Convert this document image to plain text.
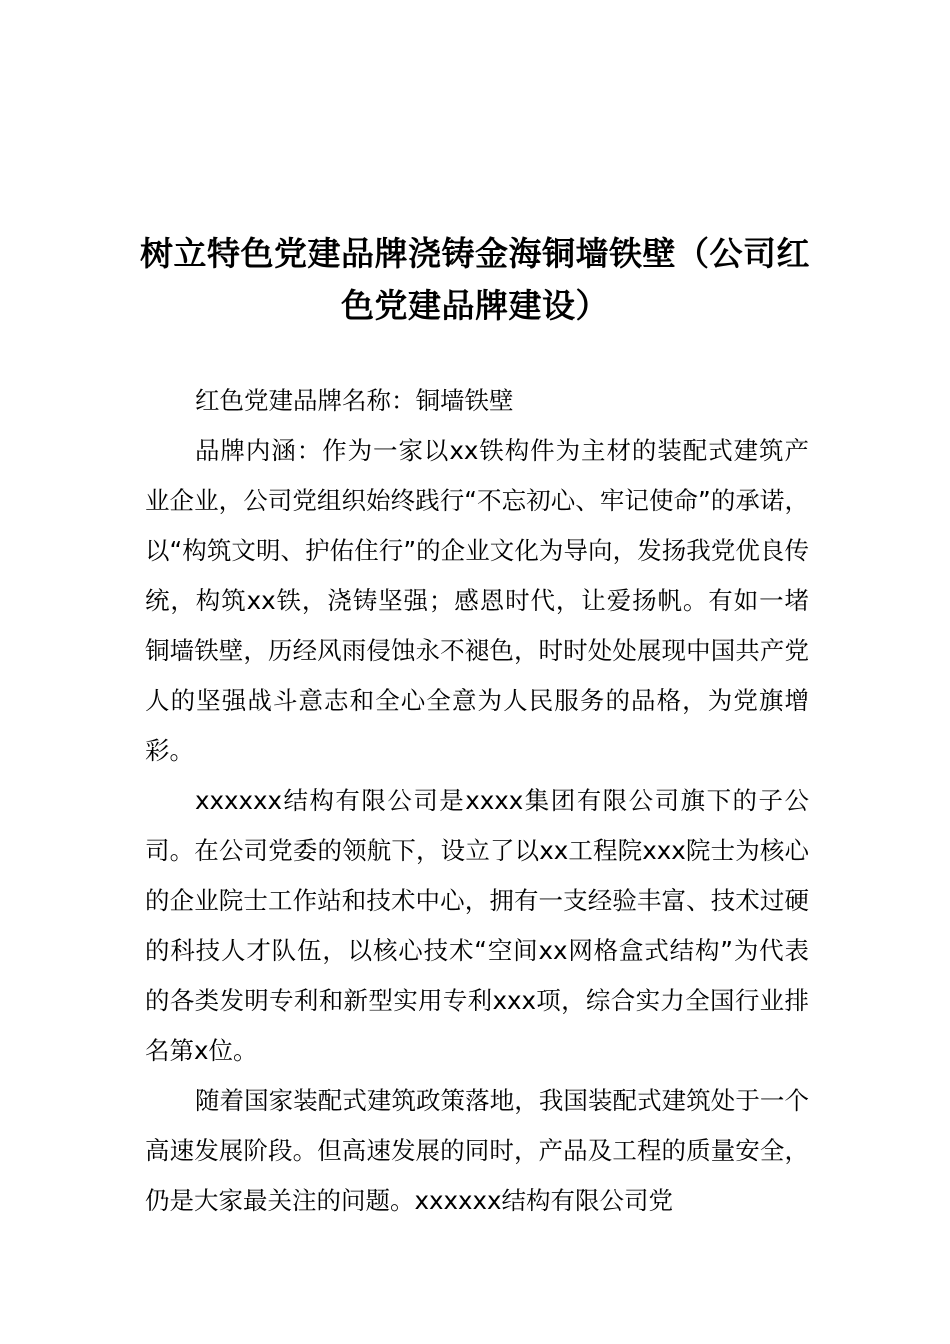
树立特色党建品牌浇铸金海铜墙铁壁（公司红色党建品牌建设）

红色党建品牌名称：铜墙铁壁

品牌内涵：作为一家以xx铁构件为主材的装配式建筑产业企业，公司党组织始终践行“不忘初心、牢记使命”的承诺，以“构筑文明、护佑住行”的企业文化为导向，发扬我党优良传统，构筑xx铁，浇铸坚强；感恩时代，让爱扬帆。有如一堵铜墙铁壁，历经风雨侵蚀永不褪色，时时处处展现中国共产党人的坚强战斗意志和全心全意为人民服务的品格，为党旗增彩。

xxxxxx结构有限公司是xxxx集团有限公司旗下的子公司。在公司党委的领航下，设立了以xx工程院xxx院士为核心的企业院士工作站和技术中心，拥有一支经验丰富、技术过硬的科技人才队伍，以核心技术“空间xx网格盒式结构”为代表的各类发明专利和新型实用专利xxx项，综合实力全国行业排名第x位。

随着国家装配式建筑政策落地，我国装配式建筑处于一个高速发展阶段。但高速发展的同时，产品及工程的质量安全，仍是大家最关注的问题。xxxxxx结构有限公司党
